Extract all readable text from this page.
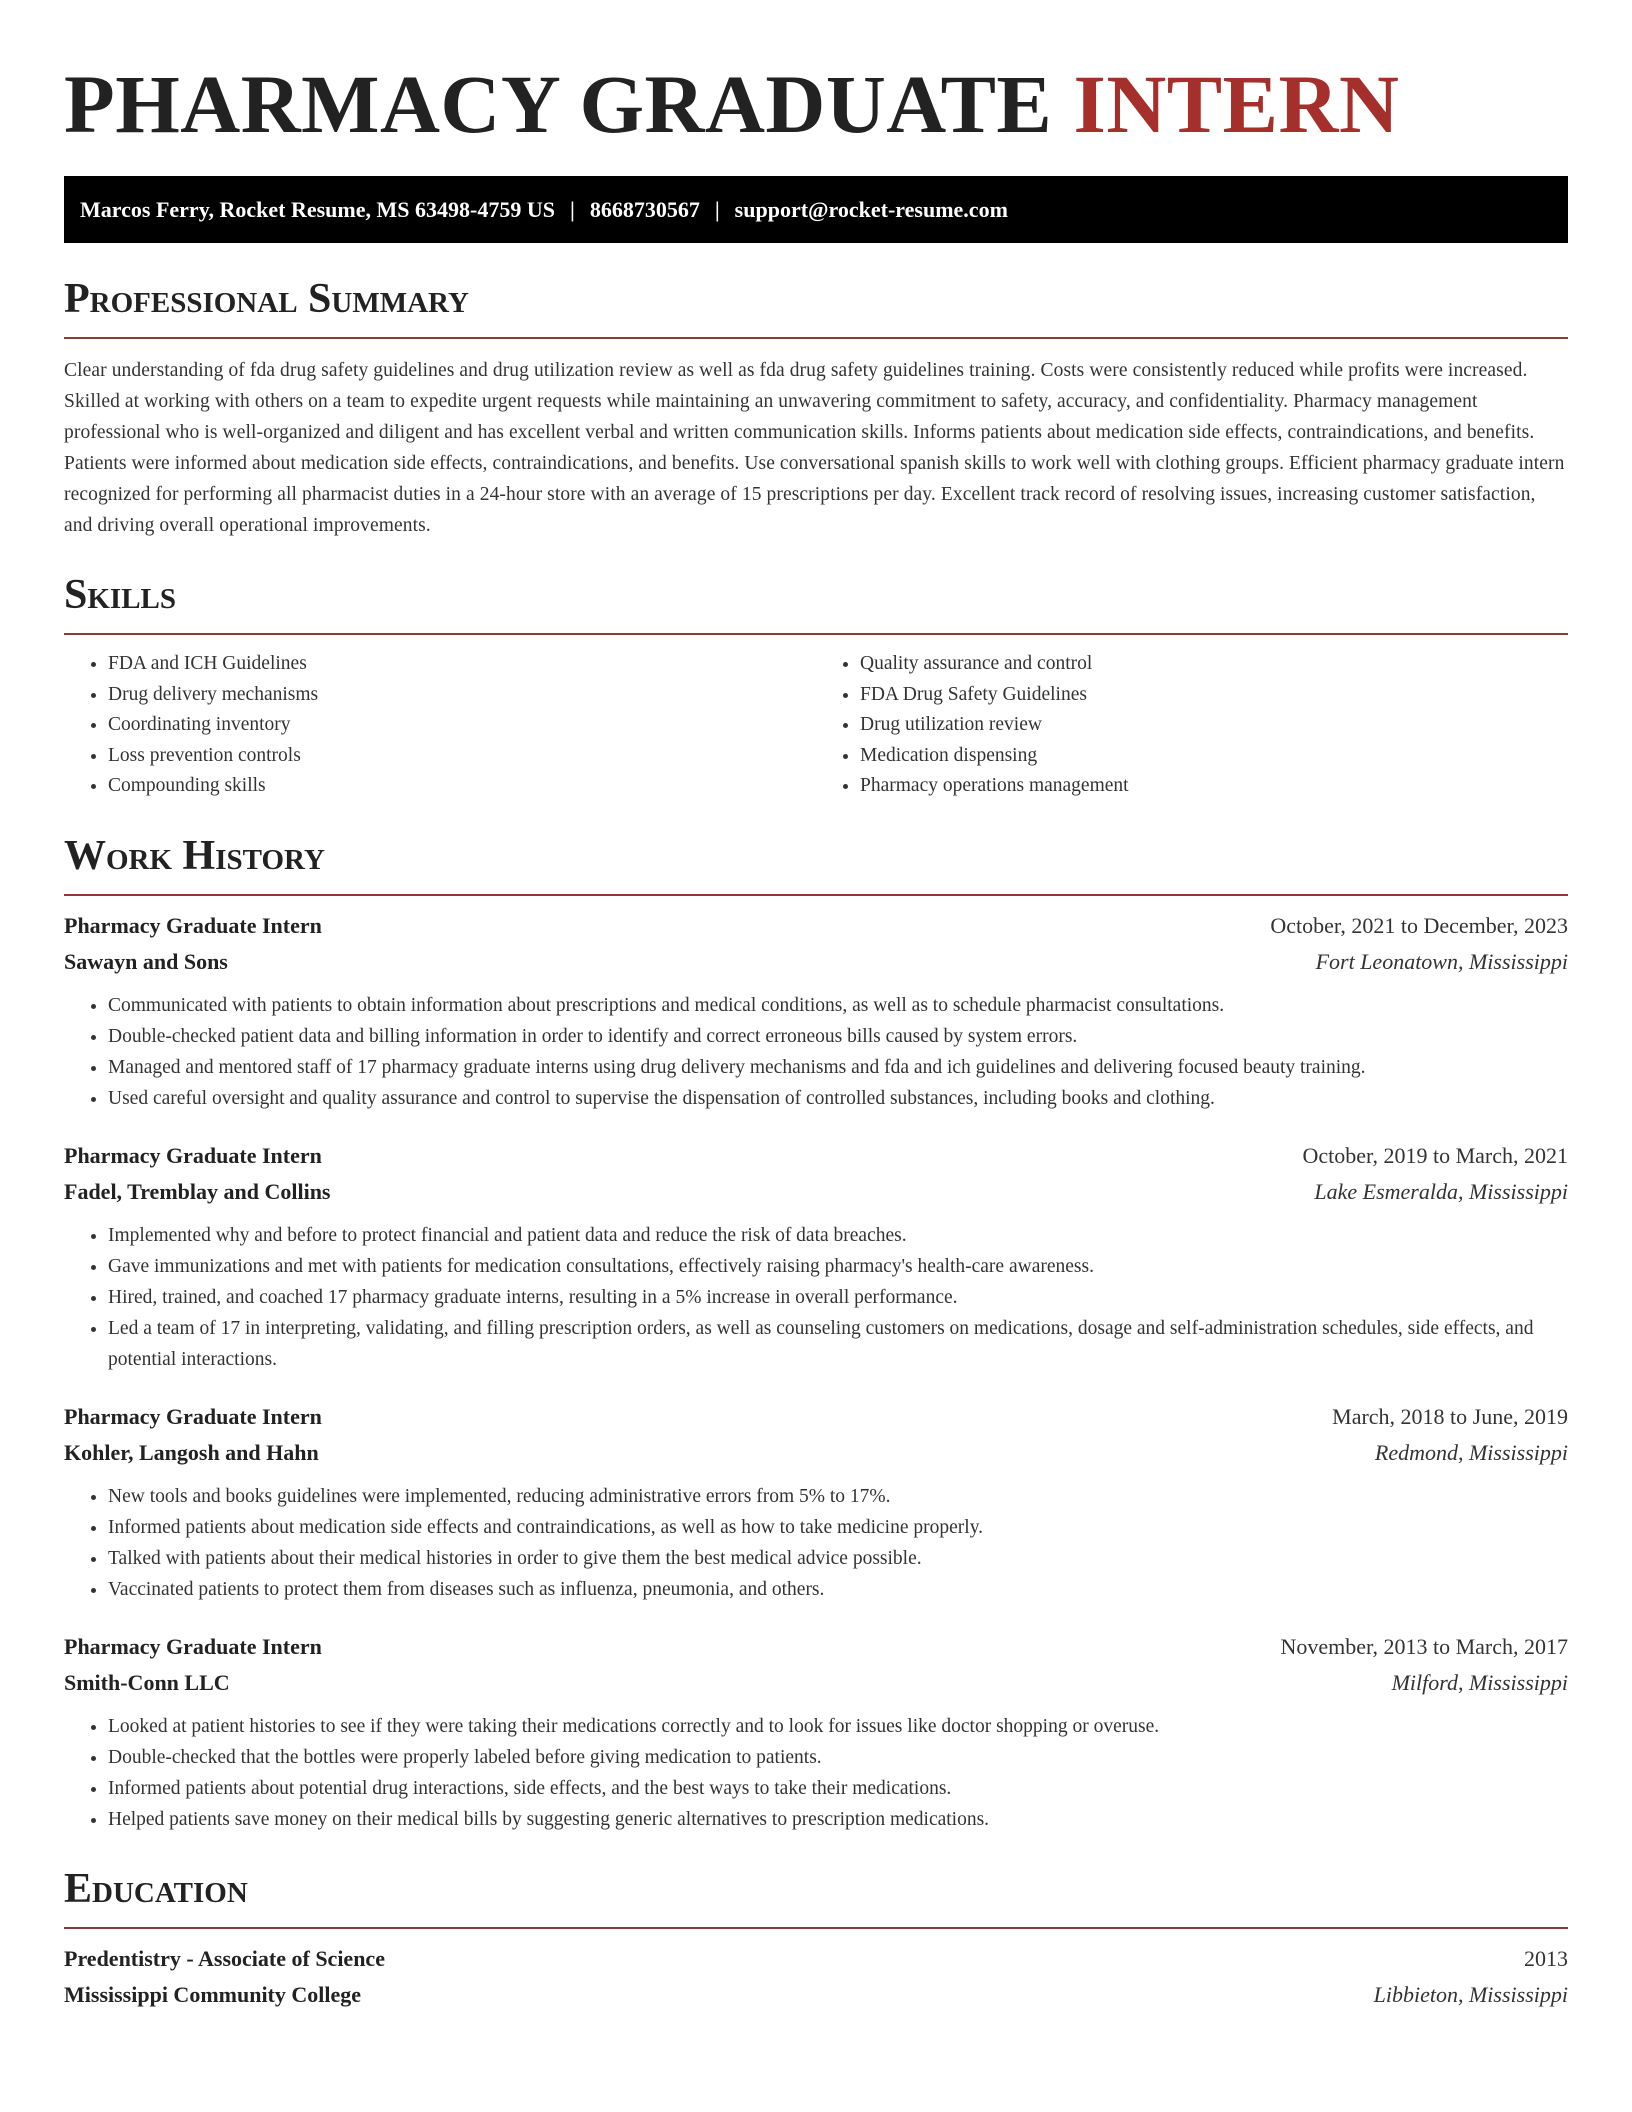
PHARMACY GRADUATE INTERN
Marcos Ferry, Rocket Resume, MS 63498-4759 US | 8668730567 | support@rocket-resume.com
Professional Summary

Clear understanding of fda drug safety guidelines and drug utilization review as well as fda drug safety guidelines training. Costs were consistently reduced while profits were increased. Skilled at working with others on a team to expedite urgent requests while maintaining an unwavering commitment to safety, accuracy, and confidentiality. Pharmacy management professional who is well-organized and diligent and has excellent verbal and written communication skills. Informs patients about medication side effects, contraindications, and benefits. Patients were informed about medication side effects, contraindications, and benefits. Use conversational spanish skills to work well with clothing groups. Efficient pharmacy graduate intern recognized for performing all pharmacist duties in a 24-hour store with an average of 15 prescriptions per day. Excellent track record of resolving issues, increasing customer satisfaction, and driving overall operational improvements.

Skills
• FDA and ICH Guidelines
• Drug delivery mechanisms
• Coordinating inventory
• Loss prevention controls
• Compounding skills
• Quality assurance and control
• FDA Drug Safety Guidelines
• Drug utilization review
• Medication dispensing
• Pharmacy operations management
Work History
Pharmacy Graduate Intern	October, 2021 to December, 2023
Sawayn and Sons	Fort Leonatown, Mississippi
• Communicated with patients to obtain information about prescriptions and medical conditions, as well as to schedule pharmacist consultations.
• Double-checked patient data and billing information in order to identify and correct erroneous bills caused by system errors.
• Managed and mentored staff of 17 pharmacy graduate interns using drug delivery mechanisms and fda and ich guidelines and delivering focused beauty training.
• Used careful oversight and quality assurance and control to supervise the dispensation of controlled substances, including books and clothing.
Pharmacy Graduate Intern	October, 2019 to March, 2021
Fadel, Tremblay and Collins	Lake Esmeralda, Mississippi
• Implemented why and before to protect financial and patient data and reduce the risk of data breaches.
• Gave immunizations and met with patients for medication consultations, effectively raising pharmacy's health-care awareness.
• Hired, trained, and coached 17 pharmacy graduate interns, resulting in a 5% increase in overall performance.
• Led a team of 17 in interpreting, validating, and filling prescription orders, as well as counseling customers on medications, dosage and self-administration schedules, side effects, and potential interactions.
Pharmacy Graduate Intern	March, 2018 to June, 2019
Kohler, Langosh and Hahn	Redmond, Mississippi
• New tools and books guidelines were implemented, reducing administrative errors from 5% to 17%.
• Informed patients about medication side effects and contraindications, as well as how to take medicine properly.
• Talked with patients about their medical histories in order to give them the best medical advice possible.
• Vaccinated patients to protect them from diseases such as influenza, pneumonia, and others.
Pharmacy Graduate Intern	November, 2013 to March, 2017
Smith-Conn LLC	Milford, Mississippi
• Looked at patient histories to see if they were taking their medications correctly and to look for issues like doctor shopping or overuse.
• Double-checked that the bottles were properly labeled before giving medication to patients.
• Informed patients about potential drug interactions, side effects, and the best ways to take their medications.
• Helped patients save money on their medical bills by suggesting generic alternatives to prescription medications.
Education
Predentistry - Associate of Science	2013
Mississippi Community College	Libbieton, Mississippi
